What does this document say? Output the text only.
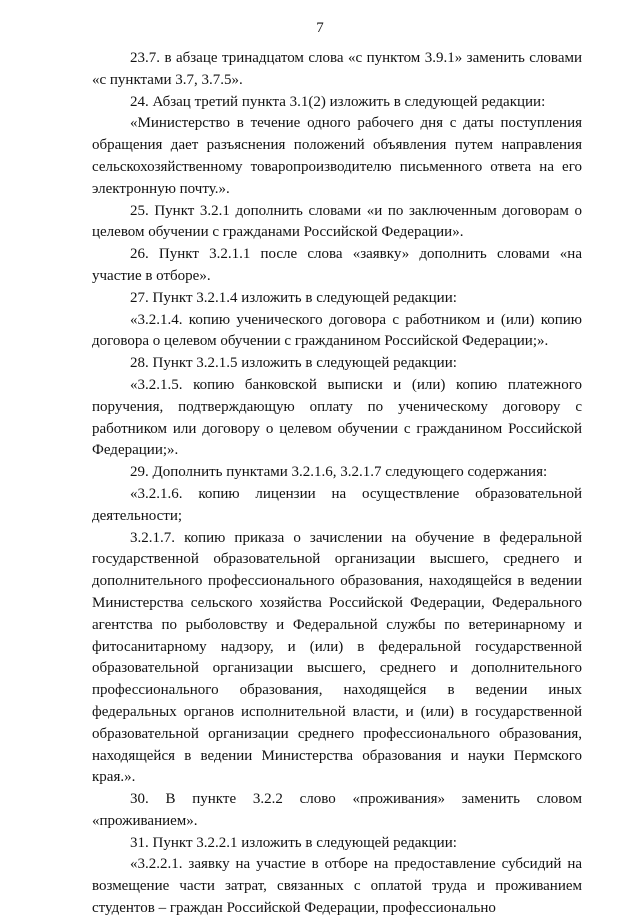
7

23.7. в абзаце тринадцатом слова «с пунктом 3.9.1» заменить словами «с пунктами 3.7, 3.7.5».

24. Абзац третий пункта 3.1(2) изложить в следующей редакции:

«Министерство в течение одного рабочего дня с даты поступления обращения дает разъяснения положений объявления путем направления сельскохозяйственному товаропроизводителю письменного ответа на его электронную почту.».

25. Пункт 3.2.1 дополнить словами «и по заключенным договорам о целевом обучении с гражданами Российской Федерации».

26. Пункт 3.2.1.1 после слова «заявку» дополнить словами «на участие в отборе».

27. Пункт 3.2.1.4 изложить в следующей редакции:

«3.2.1.4. копию ученического договора с работником и (или) копию договора о целевом обучении с гражданином Российской Федерации;».

28. Пункт 3.2.1.5 изложить в следующей редакции:

«3.2.1.5. копию банковской выписки и (или) копию платежного поручения, подтверждающую оплату по ученическому договору с работником или договору о целевом обучении с гражданином Российской Федерации;».

29. Дополнить пунктами 3.2.1.6, 3.2.1.7 следующего содержания:

«3.2.1.6. копию лицензии на осуществление образовательной деятельности;

3.2.1.7. копию приказа о зачислении на обучение в федеральной государственной образовательной организации высшего, среднего и дополнительного профессионального образования, находящейся в ведении Министерства сельского хозяйства Российской Федерации, Федерального агентства по рыболовству и Федеральной службы по ветеринарному и фитосанитарному надзору, и (или) в федеральной государственной образовательной организации высшего, среднего и дополнительного профессионального образования, находящейся в ведении иных федеральных органов исполнительной власти, и (или) в государственной образовательной организации среднего профессионального образования, находящейся в ведении Министерства образования и науки Пермского края.».

30. В пункте 3.2.2 слово «проживания» заменить словом «проживанием».

31. Пункт 3.2.2.1 изложить в следующей редакции:

«3.2.2.1. заявку на участие в отборе на предоставление субсидий на возмещение части затрат, связанных с оплатой труда и проживанием студентов – граждан Российской Федерации, профессионально
